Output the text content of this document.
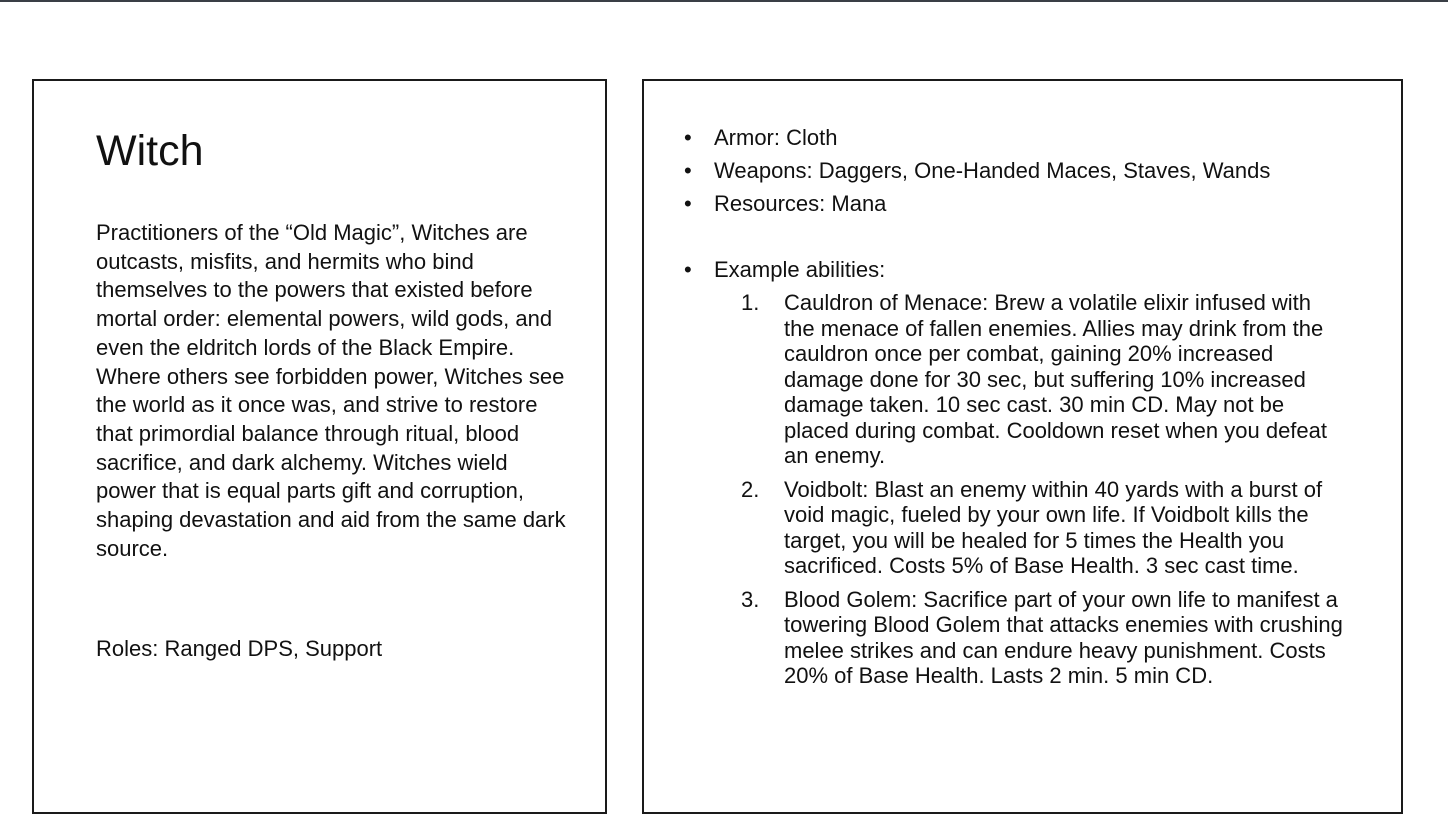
Witch

Practitioners of the “Old Magic”, Witches are outcasts, misfits, and hermits who bind themselves to the powers that existed before mortal order: elemental powers, wild gods, and even the eldritch lords of the Black Empire. Where others see forbidden power, Witches see the world as it once was, and strive to restore that primordial balance through ritual, blood sacrifice, and dark alchemy. Witches wield power that is equal parts gift and corruption, shaping devastation and aid from the same dark source.

Roles: Ranged DPS, Support

• Armor: Cloth
• Weapons: Daggers, One-Handed Maces, Staves, Wands
• Resources: Mana
• Example abilities:
1. Cauldron of Menace: Brew a volatile elixir infused with the menace of fallen enemies. Allies may drink from the cauldron once per combat, gaining 20% increased damage done for 30 sec, but suffering 10% increased damage taken. 10 sec cast. 30 min CD. May not be placed during combat. Cooldown reset when you defeat an enemy.
2. Voidbolt: Blast an enemy within 40 yards with a burst of void magic, fueled by your own life. If Voidbolt kills the target, you will be healed for 5 times the Health you sacrificed. Costs 5% of Base Health. 3 sec cast time.
3. Blood Golem: Sacrifice part of your own life to manifest a towering Blood Golem that attacks enemies with crushing melee strikes and can endure heavy punishment. Costs 20% of Base Health. Lasts 2 min. 5 min CD.
